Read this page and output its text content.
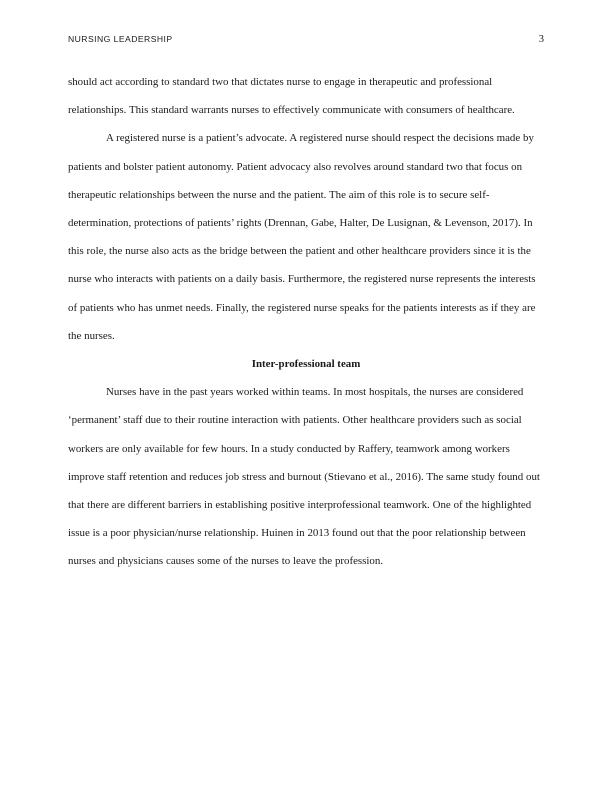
NURSING LEADERSHIP	3

should act according to standard two that dictates nurse to engage in therapeutic and professional relationships. This standard warrants nurses to effectively communicate with consumers of healthcare.

A registered nurse is a patient’s advocate. A registered nurse should respect the decisions made by patients and bolster patient autonomy. Patient advocacy also revolves around standard two that focus on therapeutic relationships between the nurse and the patient. The aim of this role is to secure self-determination, protections of patients’ rights (Drennan, Gabe, Halter, De Lusignan, & Levenson, 2017). In this role, the nurse also acts as the bridge between the patient and other healthcare providers since it is the nurse who interacts with patients on a daily basis. Furthermore, the registered nurse represents the interests of patients who has unmet needs. Finally, the registered nurse speaks for the patients interests as if they are the nurses.

Inter-professional team

Nurses have in the past years worked within teams. In most hospitals, the nurses are considered ‘permanent’ staff due to their routine interaction with patients. Other healthcare providers such as social workers are only available for few hours. In a study conducted by Raffery, teamwork among workers improve staff retention and reduces job stress and burnout (Stievano et al., 2016). The same study found out that there are different barriers in establishing positive interprofessional teamwork. One of the highlighted issue is a poor physician/nurse relationship. Huinen in 2013 found out that the poor relationship between nurses and physicians causes some of the nurses to leave the profession.
